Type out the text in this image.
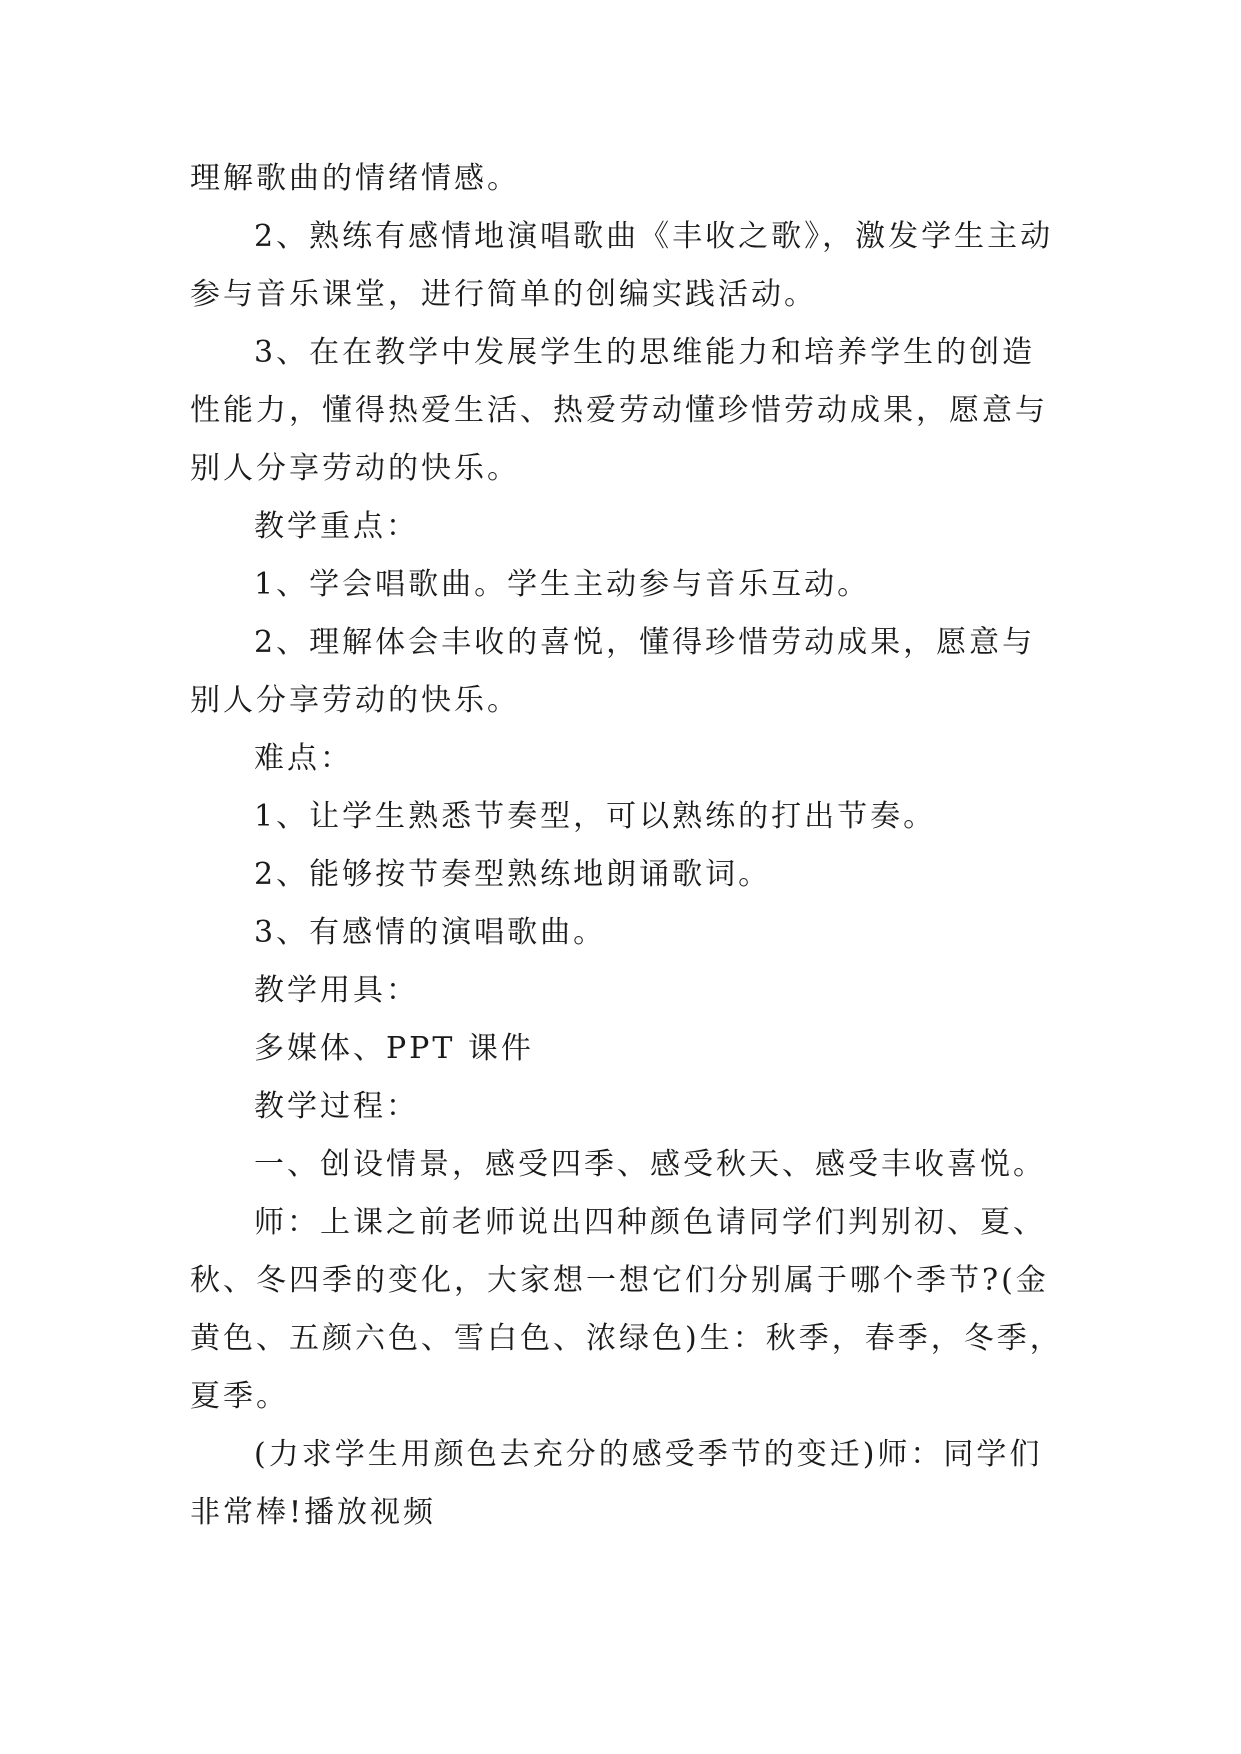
理解歌曲的情绪情感。

2、熟练有感情地演唱歌曲《丰收之歌》，激发学生主动

参与音乐课堂，进行简单的创编实践活动。

3、在在教学中发展学生的思维能力和培养学生的创造

性能力，懂得热爱生活、热爱劳动懂珍惜劳动成果，愿意与

别人分享劳动的快乐。

教学重点：

1、学会唱歌曲。学生主动参与音乐互动。

2、理解体会丰收的喜悦，懂得珍惜劳动成果，愿意与

别人分享劳动的快乐。

难点：

1、让学生熟悉节奏型，可以熟练的打出节奏。

2、能够按节奏型熟练地朗诵歌词。

3、有感情的演唱歌曲。

教学用具：

多媒体、PPT 课件

教学过程：

一、创设情景，感受四季、感受秋天、感受丰收喜悦。

师：上课之前老师说出四种颜色请同学们判别初、夏、

秋、冬四季的变化，大家想一想它们分别属于哪个季节?(金

黄色、五颜六色、雪白色、浓绿色)生：秋季，春季，冬季，

夏季。

(力求学生用颜色去充分的感受季节的变迁)师：同学们

非常棒!播放视频
